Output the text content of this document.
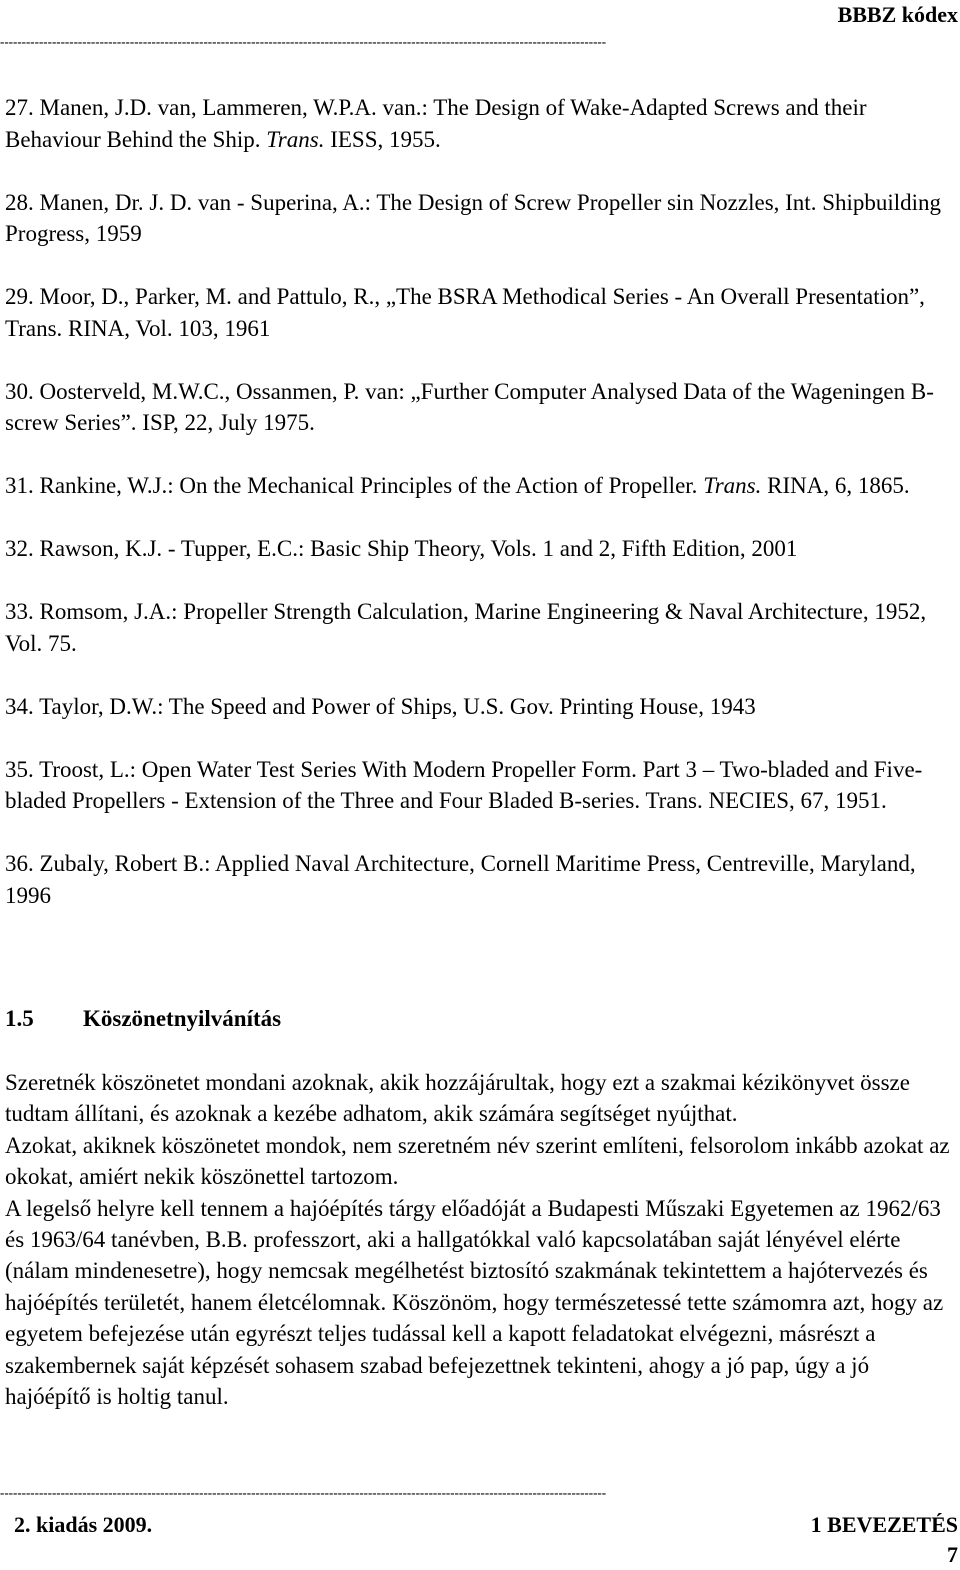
BBBZ kódex
--------------------------------------------------------------------------------------------------------------------------------------------

27. Manen, J.D. van, Lammeren, W.P.A. van.: The Design of Wake-Adapted Screws and their Behaviour Behind the Ship. Trans. IESS, 1955.

28. Manen, Dr. J. D. van - Superina, A.: The Design of Screw Propeller sin Nozzles, Int. Shipbuilding Progress, 1959

29. Moor, D., Parker, M. and Pattulo, R., „The BSRA Methodical Series - An Overall Presentation”, Trans. RINA, Vol. 103, 1961

30. Oosterveld, M.W.C., Ossanmen, P. van: „Further Computer Analysed Data of the Wageningen B-screw Series”. ISP, 22, July 1975.

31. Rankine, W.J.: On the Mechanical Principles of the Action of Propeller. Trans. RINA, 6, 1865.

32. Rawson, K.J. - Tupper, E.C.: Basic Ship Theory, Vols. 1 and 2, Fifth Edition, 2001

33. Romsom, J.A.: Propeller Strength Calculation, Marine Engineering & Naval Architecture, 1952, Vol. 75.

34. Taylor, D.W.: The Speed and Power of Ships, U.S. Gov. Printing House, 1943

35. Troost, L.: Open Water Test Series With Modern Propeller Form. Part 3 – Two-bladed and Five-bladed Propellers - Extension of the Three and Four Bladed B-series. Trans. NECIES, 67, 1951.

36. Zubaly, Robert B.: Applied Naval Architecture, Cornell Maritime Press, Centreville, Maryland, 1996

1.5 Köszönetnyilvánítás

Szeretnék köszönetet mondani azoknak, akik hozzájárultak, hogy ezt a szakmai kézikönyvet össze tudtam állítani, és azoknak a kezébe adhatom, akik számára segítséget nyújthat.

Azokat, akiknek köszönetet mondok, nem szeretném név szerint említeni, felsorolom inkább azokat az okokat, amiért nekik köszönettel tartozom.

A legelső helyre kell tennem a hajóépítés tárgy előadóját a Budapesti Műszaki Egyetemen az 1962/63 és 1963/64 tanévben, B.B. professzort, aki a hallgatókkal való kapcsolatában saját lényével elérte (nálam mindenesetre), hogy nemcsak megélhetést biztosító szakmának tekintettem a hajótervezés és hajóépítés területét, hanem életcélomnak. Köszönöm, hogy természetessé tette számomra azt, hogy az egyetem befejezése után egyrészt teljes tudással kell a kapott feladatokat elvégezni, másrészt a szakembernek saját képzését sohasem szabad befejezettnek tekinteni, ahogy a jó pap, úgy a jó hajóépítő is holtig tanul.

--------------------------------------------------------------------------------------------------------------------------------------------
2. kiadás 2009.	1 BEVEZETÉS
7
